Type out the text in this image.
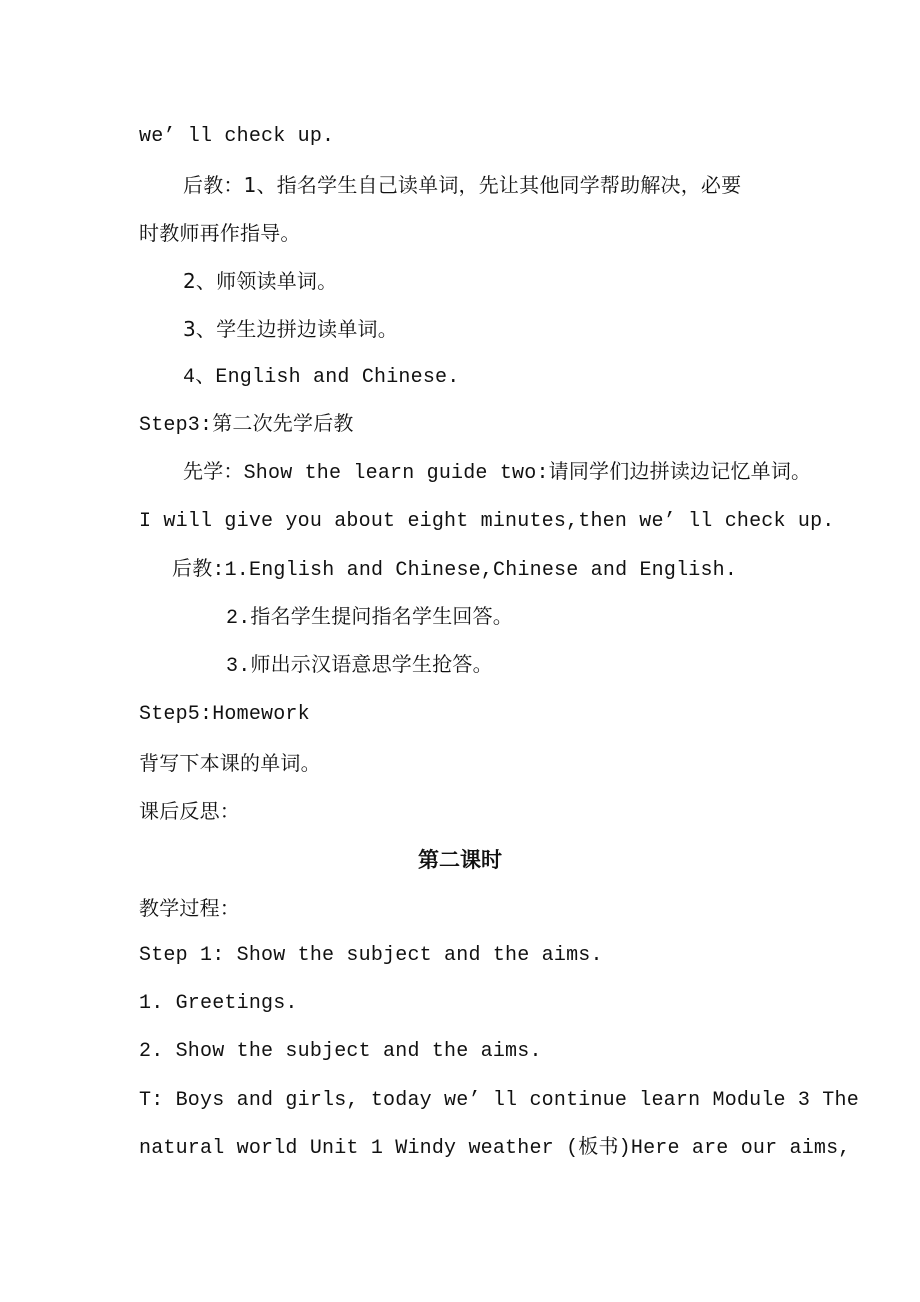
we’ ll check up.
后教：1、指名学生自己读单词，先让其他同学帮助解决，必要
时教师再作指导。
2、师领读单词。
3、学生边拼边读单词。
4、English and Chinese.
Step3:第二次先学后教
先学：Show the learn guide two:请同学们边拼读边记忆单词。
I will give you about eight minutes,then we’ ll check up.
后教:1.English and Chinese,Chinese and English.
2.指名学生提问指名学生回答。
3.师出示汉语意思学生抢答。
Step5:Homework
背写下本课的单词。
课后反思：
第二课时
教学过程：
Step 1: Show the subject and the aims.
1. Greetings.
2. Show the subject and the aims.
T: Boys and girls, today we’ ll continue learn Module 3 The
natural world Unit 1 Windy weather (板书)Here are our aims,
